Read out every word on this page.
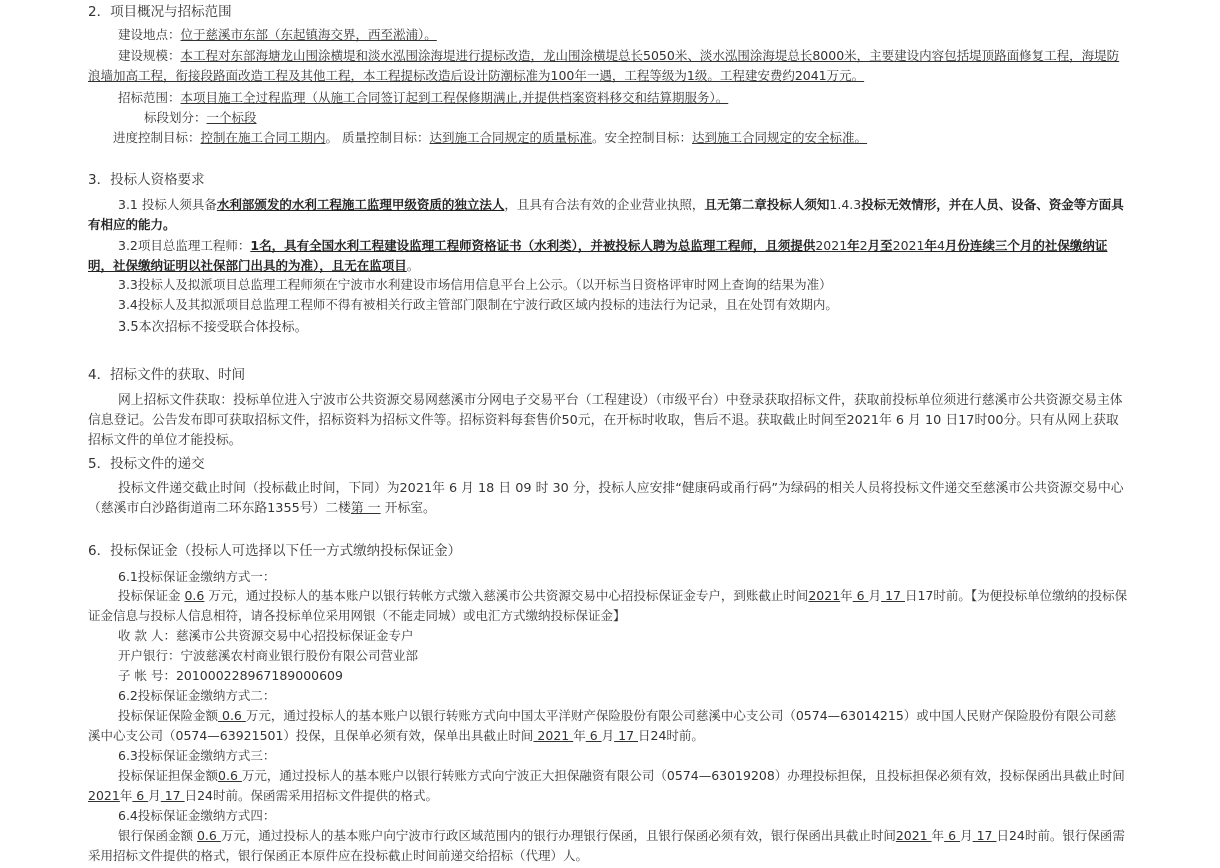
2．项目概况与招标范围
建设地点：位于慈溪市东部（东起镇海交界，西至淞浦）。
建设规模：本工程对东部海塘龙山围涂横堤和淡水泓围涂海堤进行提标改造，龙山围涂横堤总长5050米、淡水泓围涂海堤总长8000米，主要建设内容包括堤顶路面修复工程，海堤防浪墙加高工程，衔接段路面改造工程及其他工程，本工程提标改造后设计防潮标准为100年一遇，工程等级为1级。工程建安费约2041万元。
招标范围：本项目施工全过程监理（从施工合同签订起到工程保修期满止,并提供档案资料移交和结算期服务）。
标段划分：一个标段
进度控制目标：控制在施工合同工期内。 质量控制目标：达到施工合同规定的质量标准。安全控制目标：达到施工合同规定的安全标准。
3．投标人资格要求
3.1 投标人须具备水利部颁发的水利工程施工监理甲级资质的独立法人，且具有合法有效的企业营业执照，且无第二章投标人须知1.4.3投标无效情形，并在人员、设备、资金等方面具有相应的能力。
3.2项目总监理工程师：1名，具有全国水利工程建设监理工程师资格证书（水利类），并被投标人聘为总监理工程师，且须提供2021年2月至2021年4月份连续三个月的社保缴纳证明，社保缴纳证明以社保部门出具的为准），且无在监项目。
3.3投标人及拟派项目总监理工程师须在宁波市水利建设市场信用信息平台上公示。（以开标当日资格评审时网上查询的结果为准）
3.4投标人及其拟派项目总监理工程师不得有被相关行政主管部门限制在宁波行政区域内投标的违法行为记录，且在处罚有效期内。
3.5本次招标不接受联合体投标。
4．招标文件的获取、时间
网上招标文件获取：投标单位进入宁波市公共资源交易网慈溪市分网电子交易平台（工程建设）（市级平台）中登录获取招标文件，获取前投标单位须进行慈溪市公共资源交易主体信息登记。公告发布即可获取招标文件，招标资料为招标文件等。招标资料每套售价50元，在开标时收取，售后不退。获取截止时间至2021年 6 月 10 日17时00分。只有从网上获取招标文件的单位才能投标。
5．投标文件的递交
投标文件递交截止时间（投标截止时间，下同）为2021年 6 月 18 日 09 时 30 分，投标人应安排“健康码或甬行码”为绿码的相关人员将投标文件递交至慈溪市公共资源交易中心（慈溪市白沙路街道南二环东路1355号）二楼第 一 开标室。
6．投标保证金（投标人可选择以下任一方式缴纳投标保证金）
6.1投标保证金缴纳方式一：
投标保证金 0.6 万元，通过投标人的基本账户以银行转帐方式缴入慈溪市公共资源交易中心招投标保证金专户，到账截止时间2021年 6 月 17 日17时前。【为便投标单位缴纳的投标保证金信息与投标人信息相符，请各投标单位采用网银（不能走同城）或电汇方式缴纳投标保证金】
收 款 人：慈溪市公共资源交易中心招投标保证金专户
开户银行：宁波慈溪农村商业银行股份有限公司营业部
子 帐 号：20100022896718900060​9
6.2投标保证金缴纳方式二：
投标保证保险金额 0.6 万元，通过投标人的基本账户以银行转账方式向中国太平洋财产保险股份有限公司慈溪中心支公司（0574—63014215）或中国人民财产保险股份有限公司慈溪中心支公司（0574—63921501）投保，且保单必须有效，保单出具截止时间 2021 年 6 月 17 日24时前。
6.3投标保证金缴纳方式三：
投标保证担保金额0.6 万元，通过投标人的基本账户以银行转账方式向宁波正大担保融资有限公司（0574—63019208）办理投标担保，且投标担保必须有效，投标保函出具截止时间2021年 6 月 17 日24时前。保函需采用招标文件提供的格式。
6.4投标保证金缴纳方式四：
银行保函金额 0.6 万元，通过投标人的基本账户向宁波市行政区域范围内的银行办理银行保函，且银行保函必须有效，银行保函出具截止时间2021 年 6 月 17 日24时前。银行保函需采用招标文件提供的格式，银行保函正本原件应在投标截止时间前递交给招标（代理）人。
